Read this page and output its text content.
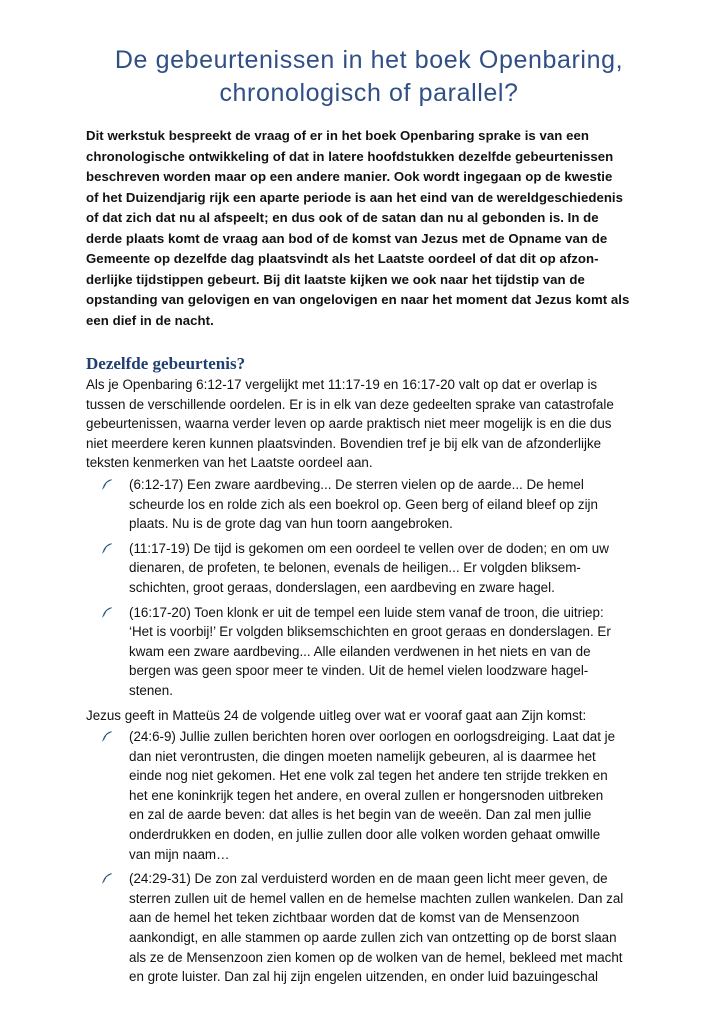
De gebeurtenissen in het boek Openbaring,
chronologisch of parallel?
Dit werkstuk bespreekt de vraag of er in het boek Openbaring sprake is van een
chronologische ontwikkeling of dat in latere hoofdstukken dezelfde gebeurtenissen
beschreven worden maar op een andere manier. Ook wordt ingegaan op de kwestie
of het Duizendjarig rijk een aparte periode is aan het eind van de wereldgeschiedenis
of dat zich dat nu al afspeelt; en dus ook of de satan dan nu al gebonden is. In de
derde plaats komt de vraag aan bod of de komst van Jezus met de Opname van de
Gemeente op dezelfde dag plaatsvindt als het Laatste oordeel of dat dit op afzon-
derlijke tijdstippen gebeurt. Bij dit laatste kijken we ook naar het tijdstip van de
opstanding van gelovigen en van ongelovigen en naar het moment dat Jezus komt als
een dief in de nacht.
Dezelfde gebeurtenis?
Als je Openbaring 6:12-17 vergelijkt met 11:17-19 en 16:17-20 valt op dat er overlap is
tussen de verschillende oordelen. Er is in elk van deze gedeelten sprake van catastrofale
gebeurtenissen, waarna verder leven op aarde praktisch niet meer mogelijk is en die dus
niet meerdere keren kunnen plaatsvinden. Bovendien tref je bij elk van de afzonderlijke
teksten kenmerken van het Laatste oordeel aan.
(6:12-17) Een zware aardbeving... De sterren vielen op de aarde... De hemel
scheurde los en rolde zich als een boekrol op. Geen berg of eiland bleef op zijn
plaats. Nu is de grote dag van hun toorn aangebroken.
(11:17-19) De tijd is gekomen om een oordeel te vellen over de doden; en om uw
dienaren, de profeten, te belonen, evenals de heiligen... Er volgden bliksem-
schichten, groot geraas, donderslagen, een aardbeving en zware hagel.
(16:17-20) Toen klonk er uit de tempel een luide stem vanaf de troon, die uitriep:
‘Het is voorbij!’ Er volgden bliksemschichten en groot geraas en donderslagen. Er
kwam een zware aardbeving... Alle eilanden verdwenen in het niets en van de
bergen was geen spoor meer te vinden. Uit de hemel vielen loodzware hagel-
stenen.
Jezus geeft in Matteüs 24 de volgende uitleg over wat er vooraf gaat aan Zijn komst:
(24:6-9) Jullie zullen berichten horen over oorlogen en oorlogsdreiging. Laat dat je
dan niet verontrusten, die dingen moeten namelijk gebeuren, al is daarmee het
einde nog niet gekomen. Het ene volk zal tegen het andere ten strijde trekken en
het ene koninkrijk tegen het andere, en overal zullen er hongersnoden uitbreken
en zal de aarde beven: dat alles is het begin van de weeën. Dan zal men jullie
onderdrukken en doden, en jullie zullen door alle volken worden gehaat omwille
van mijn naam…
(24:29-31) De zon zal verduisterd worden en de maan geen licht meer geven, de
sterren zullen uit de hemel vallen en de hemelse machten zullen wankelen. Dan zal
aan de hemel het teken zichtbaar worden dat de komst van de Mensenzoon
aankondigt, en alle stammen op aarde zullen zich van ontzetting op de borst slaan
als ze de Mensenzoon zien komen op de wolken van de hemel, bekleed met macht
en grote luister. Dan zal hij zijn engelen uitzenden, en onder luid bazuingeschal
